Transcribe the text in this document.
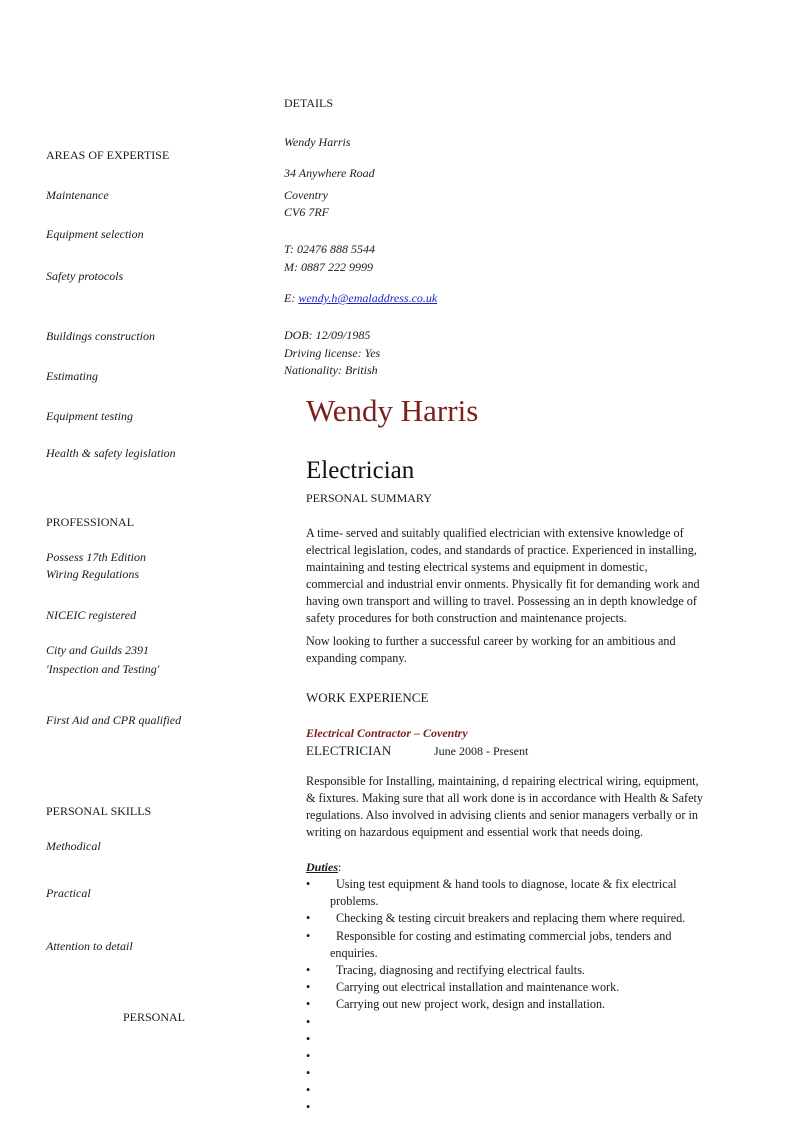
DETAILS
Wendy Harris
34 Anywhere Road
Coventry
CV6 7RF
T: 02476 888 5544
M: 0887 222 9999
E: wendy.h@emaladdress.co.uk
DOB: 12/09/1985
Driving license: Yes
Nationality: British
AREAS OF EXPERTISE
Maintenance
Equipment selection
Safety protocols
Buildings construction
Estimating
Equipment testing
Health & safety legislation
PROFESSIONAL
Possess 17th Edition
Wiring Regulations
NICEIC registered
City and Guilds 2391
'Inspection and Testing'
First Aid and CPR qualified
PERSONAL SKILLS
Methodical
Practical
Attention to detail
PERSONAL
Wendy Harris
Electrician
PERSONAL SUMMARY
A time- served and suitably qualified electrician with extensive knowledge of
electrical legislation, codes, and standards of practice. Experienced in installing,
maintaining and testing electrical systems and equipment in domestic,
commercial and industrial envir onments. Physically fit for demanding work and
having own transport and willing to travel. Possessing an in depth knowledge of
safety procedures for both construction and maintenance projects.
Now looking to further a successful career by working for an ambitious and
expanding company.
WORK EXPERIENCE
Electrical Contractor – Coventry
ELECTRICIAN	June 2008 - Present
Responsible for Installing, maintaining, d repairing electrical wiring, equipment,
& fixtures. Making sure that all work done is in accordance with Health & Safety
regulations. Also involved in advising clients and senior managers verbally or in
writing on hazardous equipment and essential work that needs doing.
Duties:
• Using test equipment & hand tools to diagnose, locate & fix electrical
problems.
• Checking & testing circuit breakers and replacing them where required.
• Responsible for costing and estimating commercial jobs, tenders and
enquiries.
• Tracing, diagnosing and rectifying electrical faults.
• Carrying out electrical installation and maintenance work.
• Carrying out new project work, design and installation.
•
•
•
•
•
•
